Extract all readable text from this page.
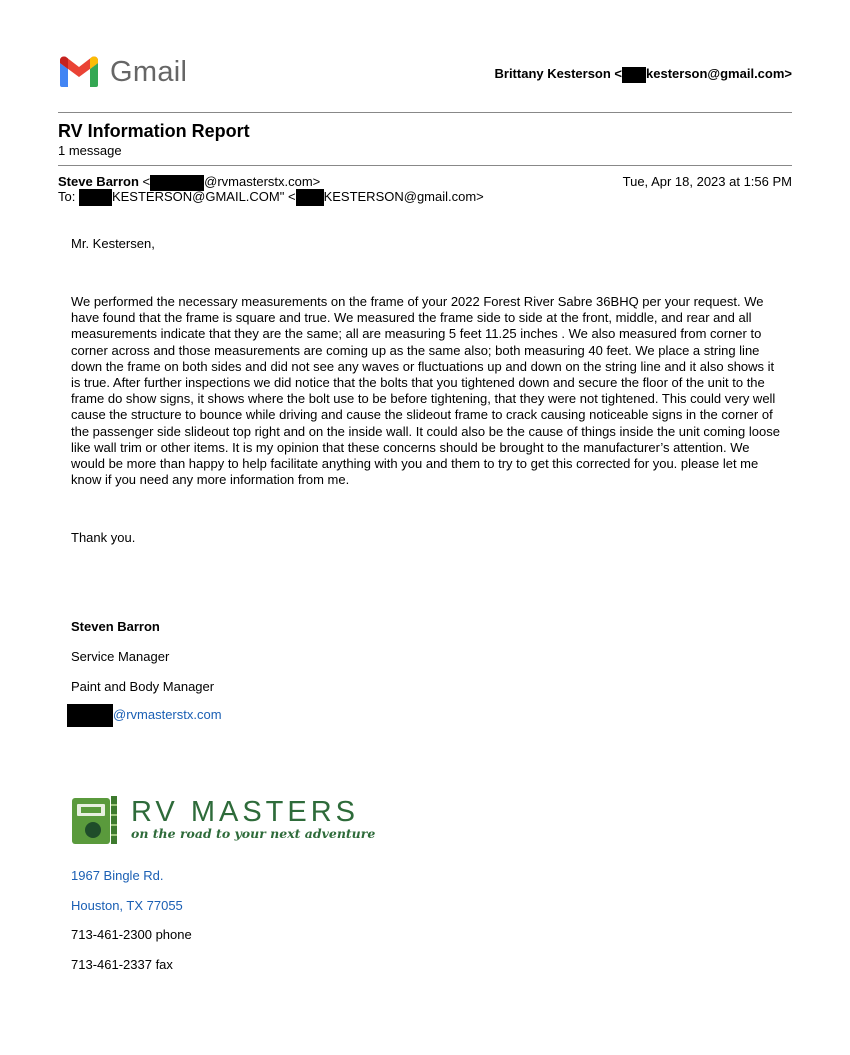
Gmail	Brittany Kesterson < kesterson@gmail.com>
RV Information Report
1 message
Steve Barron <	@rvmasterstx.com>	Tue, Apr 18, 2023 at 1:56 PM
To:	KESTERSON@GMAIL.COM" < KESTERSON@gmail.com>
Mr. Kestersen,
We performed the necessary measurements on the frame of your 2022 Forest River Sabre 36BHQ per your request. We have found that the frame is square and true. We measured the frame side to side at the front, middle, and rear and all measurements indicate that they are the same; all are measuring 5 feet 11.25 inches . We also measured from corner to corner across and those measurements are coming up as the same also; both measuring 40 feet. We place a string line down the frame on both sides and did not see any waves or fluctuations up and down on the string line and it also shows it is true. After further inspections we did notice that the bolts that you tightened down and secure the floor of the unit to the frame do show signs, it shows where the bolt use to be before tightening, that they were not tightened. This could very well cause the structure to bounce while driving and cause the slideout frame to crack causing noticeable signs in the corner of the passenger side slideout top right and on the inside wall. It could also be the cause of things inside the unit coming loose like wall trim or other items. It is my opinion that these concerns should be brought to the manufacturer’s attention. We would be more than happy to help facilitate anything with you and them to try to get this corrected for you. please let me know if you need any more information from me.
Thank you.
Steven Barron
Service Manager
Paint and Body Manager
@rvmasterstx.com
RV MASTERS
on the road to your next adventure
1967 Bingle Rd.
Houston, TX 77055
713-461-2300 phone
713-461-2337 fax
